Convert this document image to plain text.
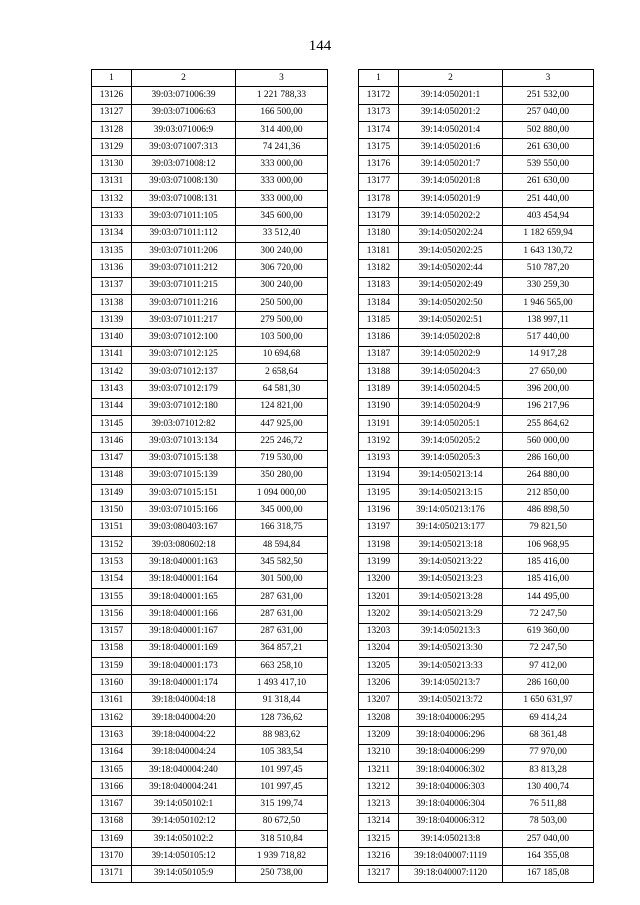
144
1	2	3
13126	39:03:071006:39	1 221 788,33
13127	39:03:071006:63	166 500,00
13128	39:03:071006:9	314 400,00
13129	39:03:071007:313	74 241,36
13130	39:03:071008:12	333 000,00
13131	39:03:071008:130	333 000,00
13132	39:03:071008:131	333 000,00
13133	39:03:071011:105	345 600,00
13134	39:03:071011:112	33 512,40
13135	39:03:071011:206	300 240,00
13136	39:03:071011:212	306 720,00
13137	39:03:071011:215	300 240,00
13138	39:03:071011:216	250 500,00
13139	39:03:071011:217	279 500,00
13140	39:03:071012:100	103 500,00
13141	39:03:071012:125	10 694,68
13142	39:03:071012:137	2 658,64
13143	39:03:071012:179	64 581,30
13144	39:03:071012:180	124 821,00
13145	39:03:071012:82	447 925,00
13146	39:03:071013:134	225 246,72
13147	39:03:071015:138	719 530,00
13148	39:03:071015:139	350 280,00
13149	39:03:071015:151	1 094 000,00
13150	39:03:071015:166	345 000,00
13151	39:03:080403:167	166 318,75
13152	39:03:080602:18	48 594,84
13153	39:18:040001:163	345 582,50
13154	39:18:040001:164	301 500,00
13155	39:18:040001:165	287 631,00
13156	39:18:040001:166	287 631,00
13157	39:18:040001:167	287 631,00
13158	39:18:040001:169	364 857,21
13159	39:18:040001:173	663 258,10
13160	39:18:040001:174	1 493 417,10
13161	39:18:040004:18	91 318,44
13162	39:18:040004:20	128 736,62
13163	39:18:040004:22	88 983,62
13164	39:18:040004:24	105 383,54
13165	39:18:040004:240	101 997,45
13166	39:18:040004:241	101 997,45
13167	39:14:050102:1	315 199,74
13168	39:14:050102:12	80 672,50
13169	39:14:050102:2	318 510,84
13170	39:14:050105:12	1 939 718,82
13171	39:14:050105:9	250 738,00
1	2	3
13172	39:14:050201:1	251 532,00
13173	39:14:050201:2	257 040,00
13174	39:14:050201:4	502 880,00
13175	39:14:050201:6	261 630,00
13176	39:14:050201:7	539 550,00
13177	39:14:050201:8	261 630,00
13178	39:14:050201:9	251 440,00
13179	39:14:050202:2	403 454,94
13180	39:14:050202:24	1 182 659,94
13181	39:14:050202:25	1 643 130,72
13182	39:14:050202:44	510 787,20
13183	39:14:050202:49	330 259,30
13184	39:14:050202:50	1 946 565,00
13185	39:14:050202:51	138 997,11
13186	39:14:050202:8	517 440,00
13187	39:14:050202:9	14 917,28
13188	39:14:050204:3	27 650,00
13189	39:14:050204:5	396 200,00
13190	39:14:050204:9	196 217,96
13191	39:14:050205:1	255 864,62
13192	39:14:050205:2	560 000,00
13193	39:14:050205:3	286 160,00
13194	39:14:050213:14	264 880,00
13195	39:14:050213:15	212 850,00
13196	39:14:050213:176	486 898,50
13197	39:14:050213:177	79 821,50
13198	39:14:050213:18	106 968,95
13199	39:14:050213:22	185 416,00
13200	39:14:050213:23	185 416,00
13201	39:14:050213:28	144 495,00
13202	39:14:050213:29	72 247,50
13203	39:14:050213:3	619 360,00
13204	39:14:050213:30	72 247,50
13205	39:14:050213:33	97 412,00
13206	39:14:050213:7	286 160,00
13207	39:14:050213:72	1 650 631,97
13208	39:18:040006:295	69 414,24
13209	39:18:040006:296	68 361,48
13210	39:18:040006:299	77 970,00
13211	39:18:040006:302	83 813,28
13212	39:18:040006:303	130 400,74
13213	39:18:040006:304	76 511,88
13214	39:18:040006:312	78 503,00
13215	39:14:050213:8	257 040,00
13216	39:18:040007:1119	164 355,08
13217	39:18:040007:1120	167 185,08
